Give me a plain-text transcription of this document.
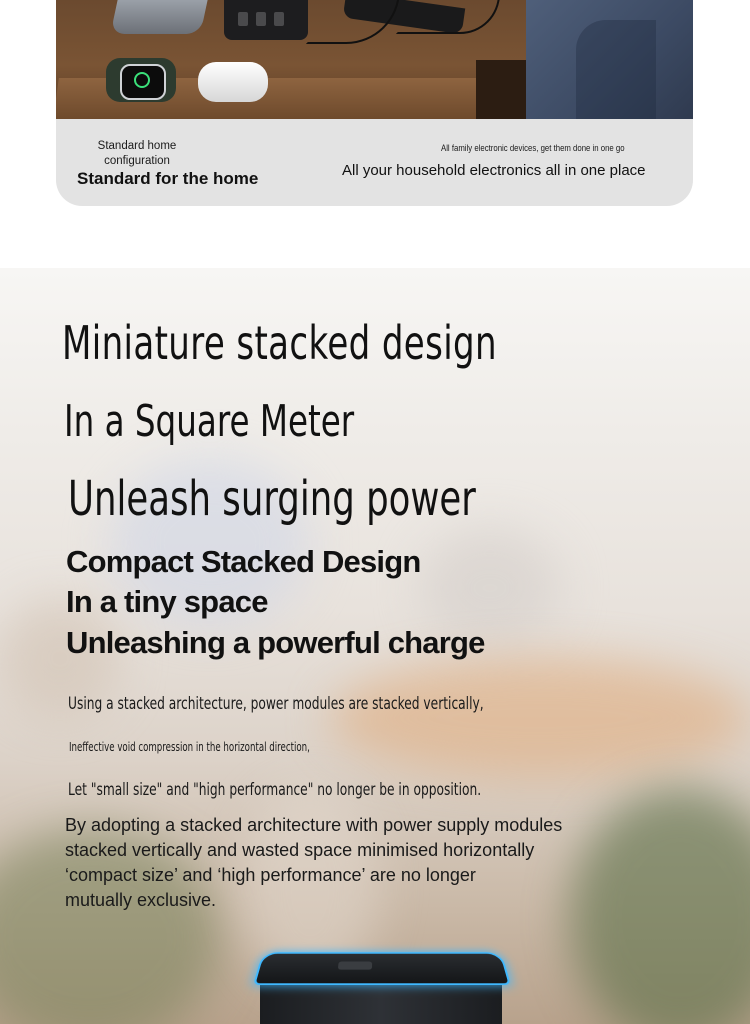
Standard home configuration
Standard for the home
All family electronic devices, get them done in one go
All your household electronics all in one place
Miniature stacked design
In a Square Meter
Unleash surging power
Compact Stacked Design
In a tiny space
Unleashing a powerful charge
Using a stacked architecture, power modules are stacked vertically,
Ineffective void compression in the horizontal direction,
Let "small size" and "high performance" no longer be in opposition.
By adopting a stacked architecture with power supply modules
stacked vertically and wasted space minimised horizontally
‘compact size’ and ‘high performance’ are no longer
mutually exclusive.
